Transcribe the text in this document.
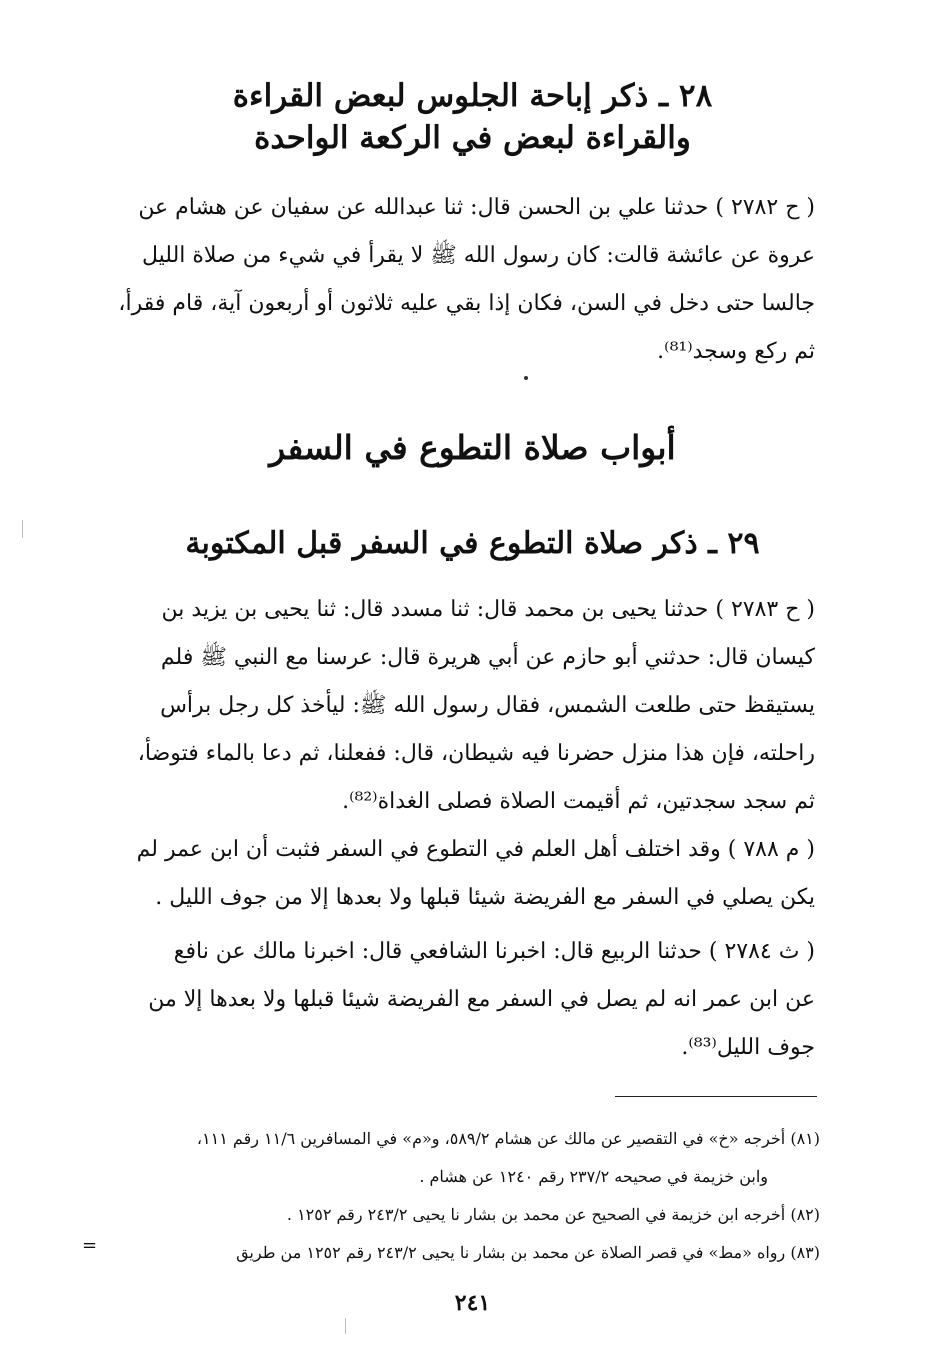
٢٨ ـ ذكر إباحة الجلوس لبعض القراءة
والقراءة لبعض في الركعة الواحدة
( ح ٢٧٨٢ ) حدثنا علي بن الحسن قال: ثنا عبدالله عن سفيان عن هشام عن
عروة عن عائشة قالت: كان رسول الله ﷺ لا يقرأ في شيء من صلاة الليل
جالسا حتى دخل في السن، فكان إذا بقي عليه ثلاثون أو أربعون آية، قام فقرأ،
ثم ركع وسجد⁽⁸¹⁾.
أبواب صلاة التطوع في السفر
٢٩ ـ ذكر صلاة التطوع في السفر قبل المكتوبة
( ح ٢٧٨٣ ) حدثنا يحيى بن محمد قال: ثنا مسدد قال: ثنا يحيى بن يزيد بن
كيسان قال: حدثني أبو حازم عن أبي هريرة قال: عرسنا مع النبي ﷺ فلم
يستيقظ حتى طلعت الشمس، فقال رسول الله ﷺ: ليأخذ كل رجل برأس
راحلته، فإن هذا منزل حضرنا فيه شيطان، قال: ففعلنا، ثم دعا بالماء فتوضأ،
ثم سجد سجدتين، ثم أقيمت الصلاة فصلى الغداة⁽⁸²⁾.
( م ٧٨٨ ) وقد اختلف أهل العلم في التطوع في السفر فثبت أن ابن عمر لم
يكن يصلي في السفر مع الفريضة شيئا قبلها ولا بعدها إلا من جوف الليل .
( ث ٢٧٨٤ ) حدثنا الربيع قال: اخبرنا الشافعي قال: اخبرنا مالك عن نافع
عن ابن عمر انه لم يصل في السفر مع الفريضة شيئا قبلها ولا بعدها إلا من
جوف الليل⁽⁸³⁾.
(٨١) أخرجه «خ» في التقصير عن مالك عن هشام ٥٨٩/٢، و«م» في المسافرين ١١/٦ رقم ١١١،
وابن خزيمة في صحيحه ٢٣٧/٢ رقم ١٢٤٠ عن هشام .
(٨٢) أخرجه ابن خزيمة في الصحيح عن محمد بن بشار نا يحيى ٢٤٣/٢ رقم ١٢٥٢ .
(٨٣) رواه «مط» في قصر الصلاة عن محمد بن بشار نا يحيى ٢٤٣/٢ رقم ١٢٥٢ من طريق
=
٢٤١
